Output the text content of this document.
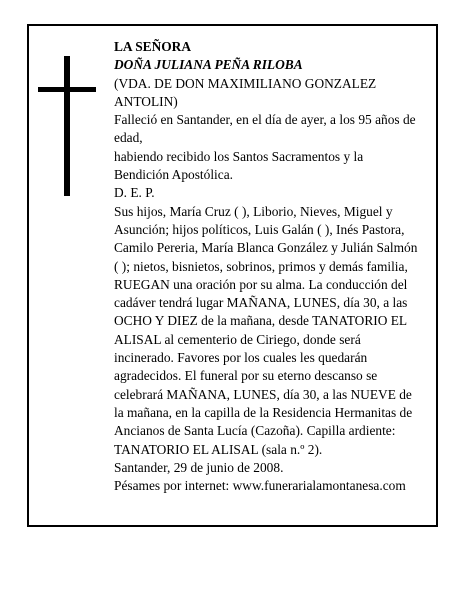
LA SEÑORA

DOÑA JULIANA PEÑA RILOBA

(VDA. DE DON MAXIMILIANO GONZALEZ ANTOLIN)

Falleció en Santander, en el día de ayer, a los 95 años de edad,

habiendo recibido los Santos Sacramentos y la Bendición Apostólica.

D. E. P.

Sus hijos, María Cruz ( ), Liborio, Nieves, Miguel y Asunción; hijos políticos, Luis Galán ( ), Inés Pastora, Camilo Pereria, María Blanca González y Julián Salmón ( ); nietos, bisnietos, sobrinos, primos y demás familia,

RUEGAN una oración por su alma. La conducción del cadáver tendrá lugar MAÑANA, LUNES, día 30, a las OCHO Y DIEZ de la mañana, desde TANATORIO EL ALISAL al cementerio de Ciriego, donde será incinerado. Favores por los cuales les quedarán agradecidos. El funeral por su eterno descanso se celebrará MAÑANA, LUNES, día 30, a las NUEVE de la mañana, en la capilla de la Residencia Hermanitas de Ancianos de Santa Lucía (Cazoña). Capilla ardiente: TANATORIO EL ALISAL (sala n.º 2).

Santander, 29 de junio de 2008.

Pésames por internet: www.funerarialamontanesa.com
